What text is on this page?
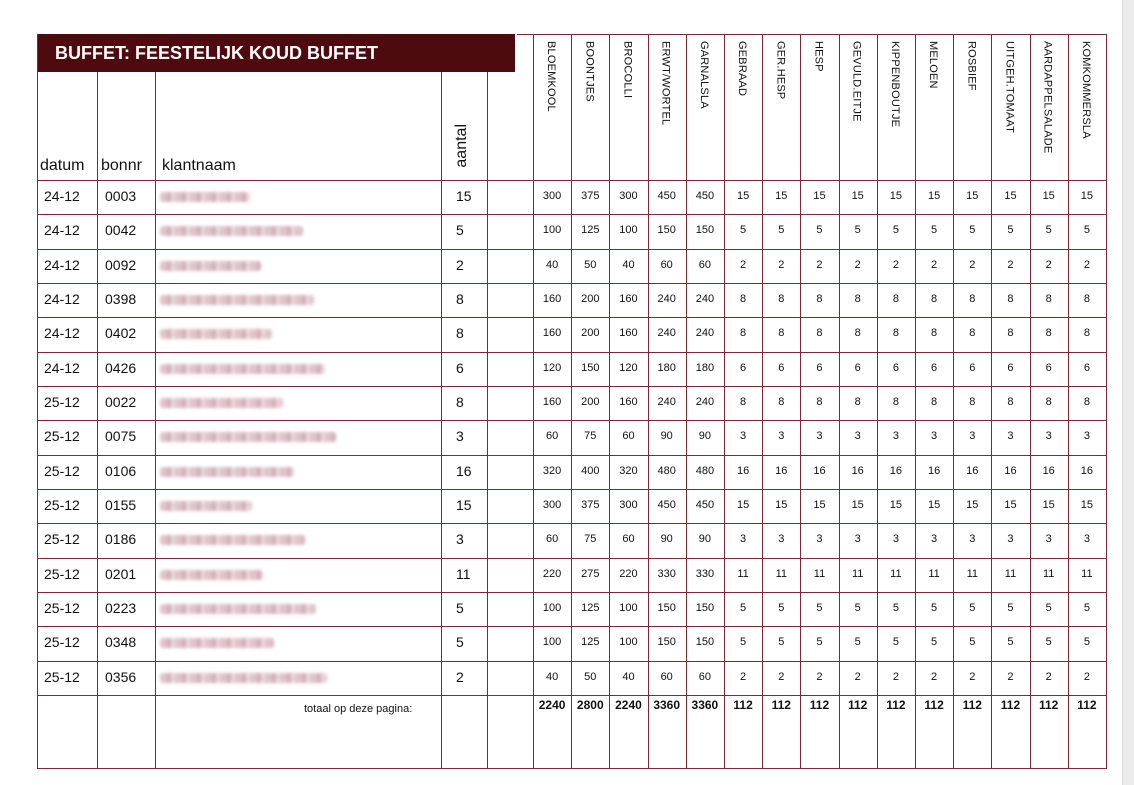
BUFFET: FEESTELIJK KOUD BUFFET
datum bonnr klantnaam	aantal
BLOEMKOOL BOONTJES BROCOLLI ERWT/WORTEL GARNALSLA GEBRAAD GER.HESP HESP GEVULD.EITJE KIPPENBOUTJE MELOEN ROSBIEF UITGEH.TOMAAT AARDAPPELSALADE KOMKOMMERSLA
24-12 0003	15	300	375	300	450	450	15	15	15	15	15	15	15	15	15	15
24-12 0042	5	100	125	100	150	150	5	5	5	5	5	5	5	5	5	5
24-12 0092	2	40	50	40	60	60	2	2	2	2	2	2	2	2	2	2
24-12 0398	8	160	200	160	240	240	8	8	8	8	8	8	8	8	8	8
24-12 0402	8	160	200	160	240	240	8	8	8	8	8	8	8	8	8	8
24-12 0426	6	120	150	120	180	180	6	6	6	6	6	6	6	6	6	6
25-12 0022	8	160	200	160	240	240	8	8	8	8	8	8	8	8	8	8
25-12 0075	3	60	75	60	90	90	3	3	3	3	3	3	3	3	3	3
25-12 0106	16	320	400	320	480	480	16	16	16	16	16	16	16	16	16	16
25-12 0155	15	300	375	300	450	450	15	15	15	15	15	15	15	15	15	15
25-12 0186	3	60	75	60	90	90	3	3	3	3	3	3	3	3	3	3
25-12 0201	11	220	275	220	330	330	11	11	11	11	11	11	11	11	11	11
25-12 0223	5	100	125	100	150	150	5	5	5	5	5	5	5	5	5	5
25-12 0348	5	100	125	100	150	150	5	5	5	5	5	5	5	5	5	5
25-12 0356	2	40	50	40	60	60	2	2	2	2	2	2	2	2	2	2
totaal op deze pagina:	2240 2800 2240 3360 3360	112	112	112	112	112	112	112	112	112	112
